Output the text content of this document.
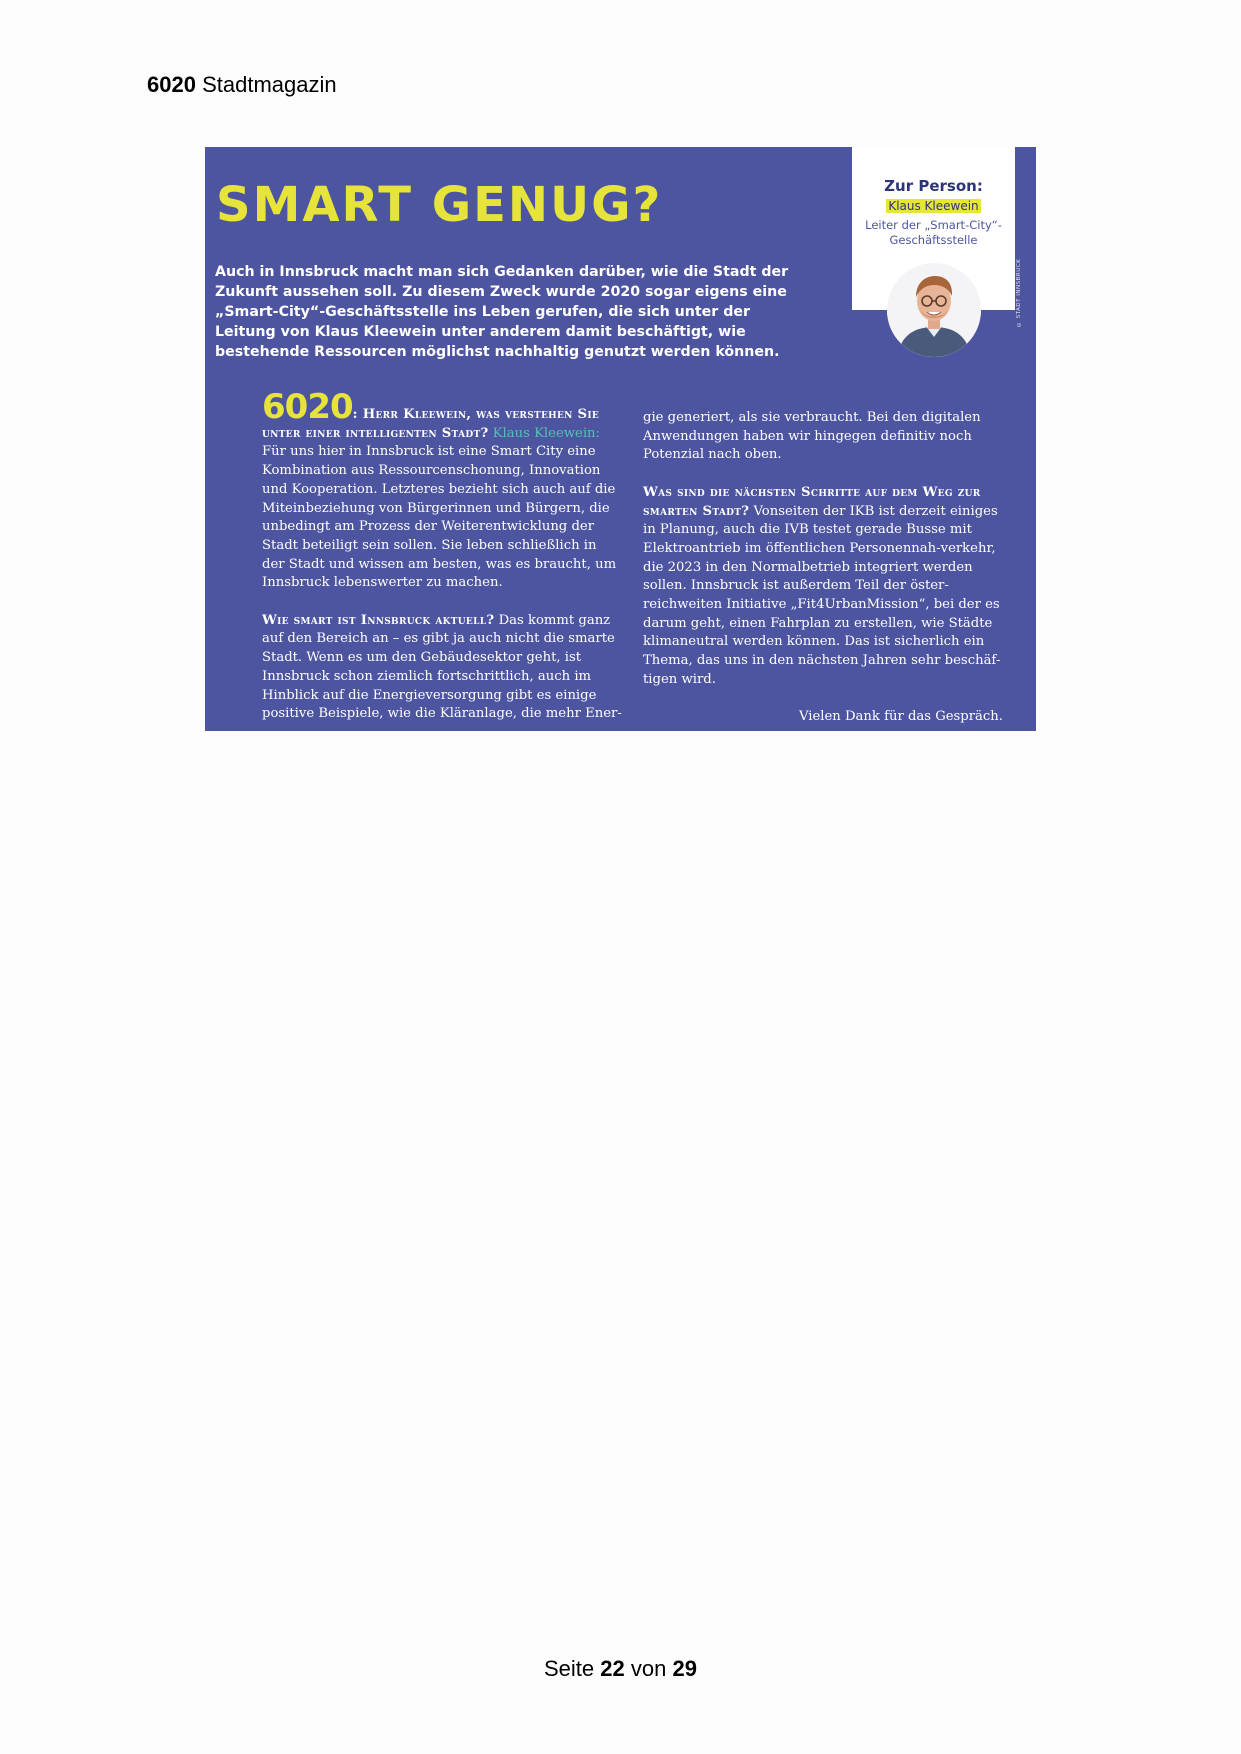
6020 Stadtmagazin
SMART GENUG?
Auch in Innsbruck macht man sich Gedanken darüber, wie die Stadt der Zukunft aussehen soll. Zu diesem Zweck wurde 2020 sogar eigens eine „Smart-City“-Geschäftsstelle ins Leben gerufen, die sich unter der Leitung von Klaus Kleewein unter anderem damit beschäftigt, wie bestehende Ressourcen möglichst nachhaltig genutzt werden können.
Zur Person:
Klaus Kleewein
Leiter der „Smart-City“-Geschäftsstelle
© STADT INNSBRUCK

6020: Herr Kleewein, was verstehen Sie unter einer intelligenten Stadt? Klaus Kleewein: Für uns hier in Innsbruck ist eine Smart City eine Kombination aus Ressourcenschonung, Innovation und Kooperation. Letzteres bezieht sich auch auf die Miteinbeziehung von Bürgerinnen und Bürgern, die unbedingt am Prozess der Weiterentwicklung der Stadt beteiligt sein sollen. Sie leben schließlich in der Stadt und wissen am besten, was es braucht, um Innsbruck lebenswerter zu machen.

Wie smart ist Innsbruck aktuell? Das kommt ganz auf den Bereich an – es gibt ja auch nicht die smarte Stadt. Wenn es um den Gebäudesektor geht, ist Innsbruck schon ziemlich fortschrittlich, auch im Hinblick auf die Energieversorgung gibt es einige positive Beispiele, wie die Kläranlage, die mehr Ener-

gie generiert, als sie verbraucht. Bei den digitalen Anwendungen haben wir hingegen definitiv noch Potenzial nach oben.

Was sind die nächsten Schritte auf dem Weg zur smarten Stadt? Vonseiten der IKB ist derzeit einiges in Planung, auch die IVB testet gerade Busse mit Elektroantrieb im öffentlichen Personennah-verkehr, die 2023 in den Normalbetrieb integriert werden sollen. Innsbruck ist außerdem Teil der öster-reichweiten Initiative „Fit4UrbanMission“, bei der es darum geht, einen Fahrplan zu erstellen, wie Städte klimaneutral werden können. Das ist sicherlich ein Thema, das uns in den nächsten Jahren sehr beschäf-tigen wird.

Vielen Dank für das Gespräch.
Seite 22 von 29
